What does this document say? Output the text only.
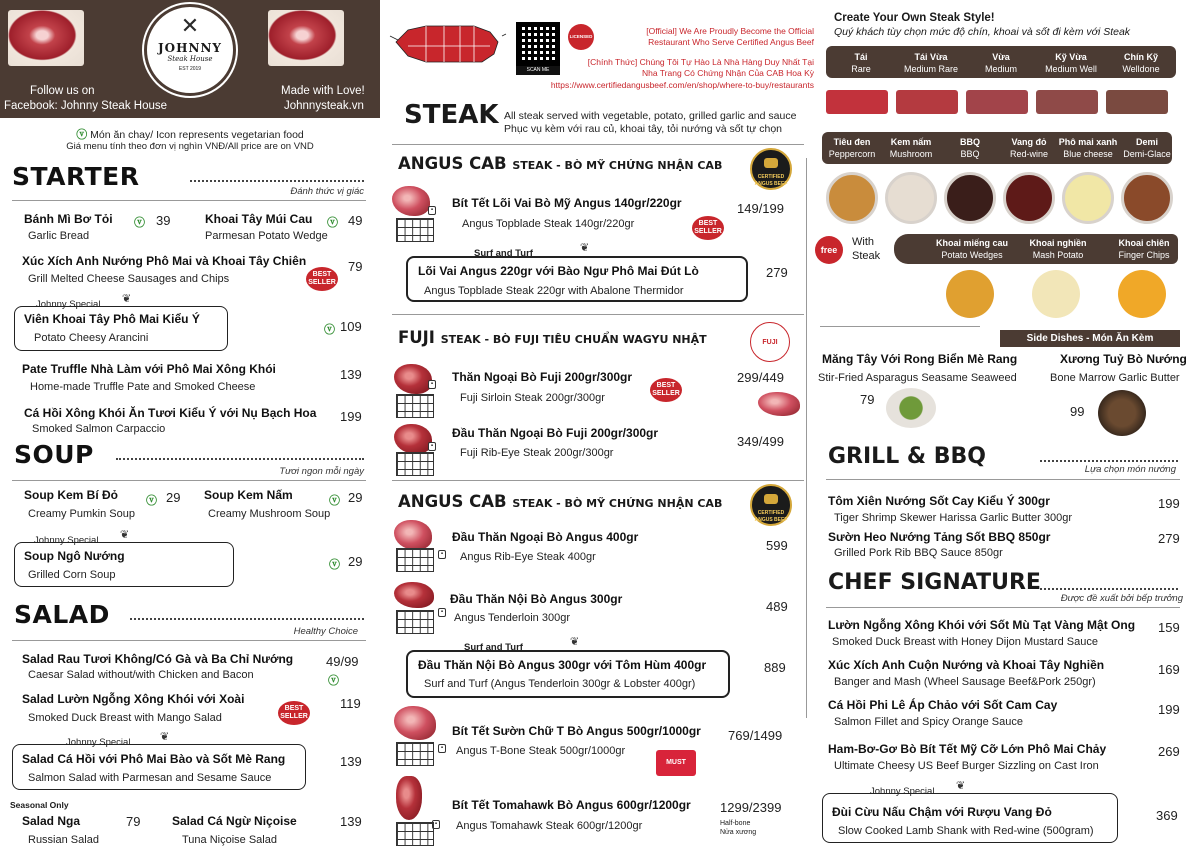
✕
JOHNNY
Steak House
EST 2019
Follow us on
Facebook: Johnny Steak House
Made with Love!
Johnnysteak.vn
ⓥ Món ăn chay/ Icon represents vegetarian food
Giá menu tính theo đơn vị nghìn VNĐ/All price are on VND
STARTER
Đánh thức vị giác
Bánh Mì Bơ Tỏi
Garlic Bread
ⓥ 39	Khoai Tây Múi Cau
Parmesan Potato Wedge
ⓥ 49
Xúc Xích Anh Nướng Phô Mai và Khoai Tây Chiên
Grill Melted Cheese Sausages and Chips
79
BEST SELLER
Johnny Special ❦
Viên Khoai Tây Phô Mai Kiểu Ý
Potato Cheesy Arancini
ⓥ 109
Pate Truffle Nhà Làm với Phô Mai Xông Khói
Home-made Truffle Pate and Smoked Cheese
139
Cá Hồi Xông Khói Ăn Tươi Kiểu Ý với Nụ Bạch Hoa
Smoked Salmon Carpaccio
199
SOUP
Tươi ngon mỗi ngày
Soup Kem Bí Đỏ
Creamy Pumkin Soup
ⓥ 29 Soup Kem Nấm
Creamy Mushroom Soup
ⓥ 29
Johnny Special ❦
Soup Ngô Nướng
Grilled Corn Soup
ⓥ 29
SALAD
Healthy Choice
Salad Rau Tươi Không/Có Gà và Ba Chỉ Nướng
Caesar Salad without/with Chicken and Bacon
49/99
ⓥ
Salad Lườn Ngỗng Xông Khói với Xoài
Smoked Duck Breast with Mango Salad
119
BEST SELLER
Johnny Special	❦
Salad Cá Hồi với Phô Mai Bào và Sốt Mè Rang
Salmon Salad with Parmesan and Sesame Sauce
139
Seasonal Only
Salad Nga
Russian Salad
79	Salad Cá Ngừ Niçoise
Tuna Niçoise Salad
139
SCAN ME
LICENSED
[Official] We Are Proudly Become the Official
Restaurant Who Serve Certified Angus Beef
[Chính Thức] Chúng Tôi Tự Hào Là Nhà Hàng Duy Nhất Tại
Nha Trang Có Chứng Nhận Của CAB Hoa Kỳ
https://www.certifiedangusbeef.com/en/shop/where-to-buy/restaurants
STEAK All steak served with vegetable, potato, grilled garlic and sauce
Phục vụ kèm với rau củ, khoai tây, tỏi nướng và sốt tự chọn
ANGUS CAB STEAK - BÒ MỸ CHỨNG NHẬN CAB
CERTIFIED ANGUS BEEF
▪ Bít Tết Lõi Vai Bò Mỹ Angus 140gr/220gr
Angus Topblade Steak 140gr/220gr	BEST SELLER
149/199
Surf and Turf	❦
Lõi Vai Angus 220gr với Bào Ngư Phô Mai Đút Lò
Angus Topblade Steak 220gr with Abalone Thermidor
279
FUJI STEAK - BÒ FUJI TIÊU CHUẨN WAGYU NHẬT	FUJI
▪ Thăn Ngoại Bò Fuji 200gr/300gr
Fuji Sirloin Steak 200gr/300gr
BEST SELLER
299/449
▪
Đầu Thăn Ngoại Bò Fuji 200gr/300gr
Fuji Rib-Eye Steak 200gr/300gr
349/499
ANGUS CAB STEAK - BÒ MỸ CHỨNG NHẬN CAB
CERTIFIED ANGUS BEEF
▪
Đầu Thăn Ngoại Bò Angus 400gr
Angus Rib-Eye Steak 400gr
599
▪
Đầu Thăn Nội Bò Angus 300gr
Angus Tenderloin 300gr
489
Surf and Turf	❦
Đầu Thăn Nội Bò Angus 300gr với Tôm Hùm 400gr
Surf and Turf (Angus Tenderloin 300gr & Lobster 400gr)
889
▪
Bít Tết Sườn Chữ T Bò Angus 500gr/1000gr
Angus T-Bone Steak 500gr/1000gr
MUST HAVE
769/1499
▪
Bít Tết Tomahawk Bò Angus 600gr/1200gr
Angus Tomahawk Steak 600gr/1200gr
1299/2399
Half-bone
Nửa xương
Create Your Own Steak Style!
Quý khách tùy chọn mức độ chín, khoai và sốt đi kèm với Steak
Tái
Rare
Tái Vừa
Medium Rare
Vừa
Medium
Kỹ Vừa
Medium Well
Chín Kỹ
Welldone
Tiêu đen
Peppercorn
Kem nấm
Mushroom
BBQ
BBQ
Vang đỏ
Red-wine
Phô mai xanh
Blue cheese
Demi
Demi-Glace
free
With
Steak
Khoai miếng cau
Potato Wedges
Khoai nghiền
Mash Potato
Khoai chiên
Finger Chips
Side Dishes - Món Ăn Kèm
Măng Tây Với Rong Biển Mè Rang
Stir-Fried Asparagus Seasame Seaweed
79
Xương Tuỷ Bò Nướng
Bone Marrow Garlic Butter
99
GRILL & BBQ
Lựa chọn món nướng
Tôm Xiên Nướng Sốt Cay Kiểu Ý 300gr
Tiger Shrimp Skewer Harissa Garlic Butter 300gr
199
Sườn Heo Nướng Tảng Sốt BBQ 850gr
Grilled Pork Rib BBQ Sauce 850gr
279
CHEF SIGNATURE
Được đề xuất bởi bếp trưởng
Lườn Ngỗng Xông Khói với Sốt Mù Tạt Vàng Mật Ong
Smoked Duck Breast with Honey Dijon Mustard Sauce
159
Xúc Xích Anh Cuộn Nướng và Khoai Tây Nghiền
Banger and Mash (Wheel Sausage Beef&Pork 250gr)
169
Cá Hồi Phi Lê Áp Chảo với Sốt Cam Cay
Salmon Fillet and Spicy Orange Sauce
199
Ham-Bơ-Gơ Bò Bít Tết Mỹ Cỡ Lớn Phô Mai Chảy
Ultimate Cheesy US Beef Burger Sizzling on Cast Iron
269
Johnny Special ❦
Đùi Cừu Nấu Chậm với Rượu Vang Đỏ
Slow Cooked Lamb Shank with Red-wine (500gram)
369
